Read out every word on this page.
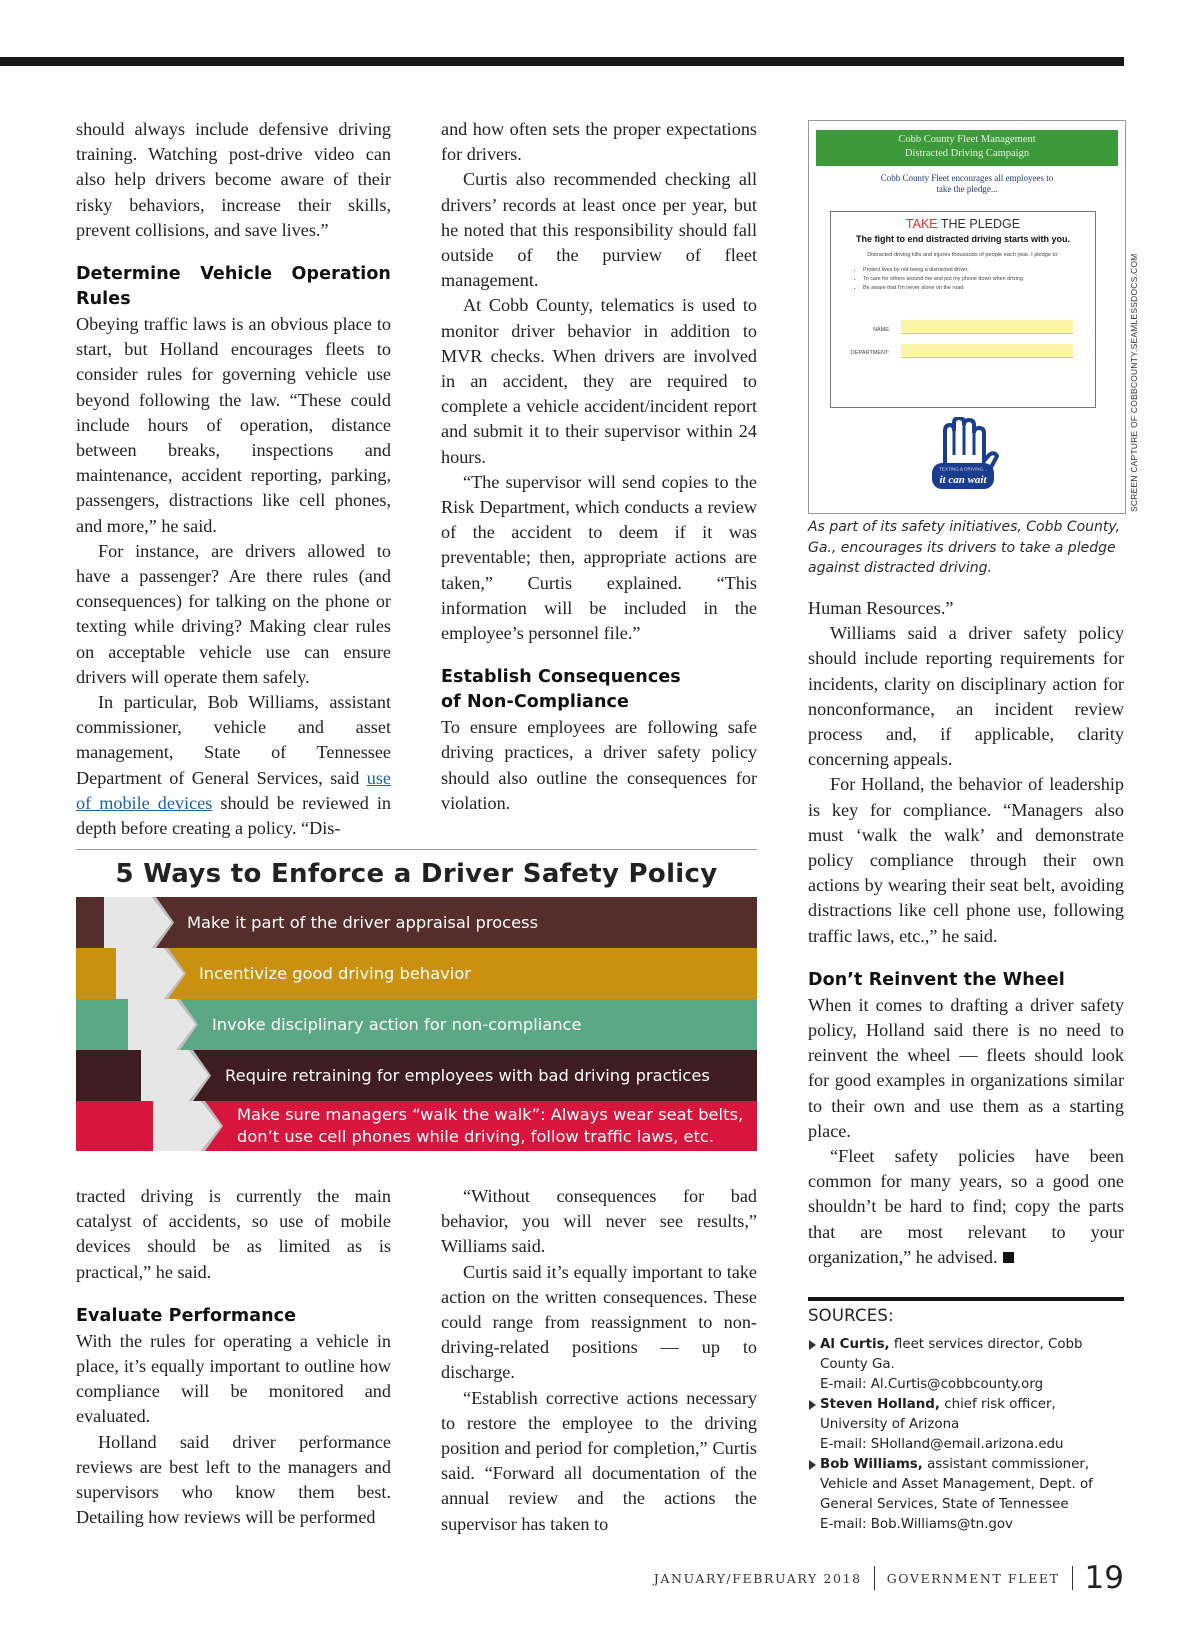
should always include defensive driving training. Watching post-drive video can also help drivers become aware of their risky behaviors, increase their skills, prevent collisions, and save lives.”

Determine Vehicle Operation Rules

Obeying traffic laws is an obvious place to start, but Holland encourages fleets to consider rules for governing vehicle use beyond following the law. “These could include hours of operation, distance between breaks, inspections and maintenance, accident reporting, parking, passengers, distractions like cell phones, and more,” he said.

For instance, are drivers allowed to have a passenger? Are there rules (and consequences) for talking on the phone or texting while driving? Making clear rules on acceptable vehicle use can ensure drivers will operate them safely.

In particular, Bob Williams, assistant commissioner, vehicle and asset management, State of Tennessee Department of General Services, said use of mobile devices should be reviewed in depth before creating a policy. “Dis-

and how often sets the proper expectations for drivers.

Curtis also recommended checking all drivers’ records at least once per year, but he noted that this responsibility should fall outside of the purview of fleet management.

At Cobb County, telematics is used to monitor driver behavior in addition to MVR checks. When drivers are involved in an accident, they are required to complete a vehicle accident/incident report and submit it to their supervisor within 24 hours.

“The supervisor will send copies to the Risk Department, which conducts a review of the accident to deem if it was preventable; then, appropriate actions are taken,” Curtis explained. “This information will be included in the employee’s personnel file.”

Establish Consequences
of Non-Compliance

To ensure employees are following safe driving practices, a driver safety policy should also outline the consequences for violation.

Cobb County Fleet Management
Distracted Driving Campaign
Cobb County Fleet encourages all employees to
take the pledge...
TAKE THE PLEDGE
The fight to end distracted driving starts with you.
Distracted driving kills and injures thousands of people each year. I pledge to:
• Protect lives by not being a distracted driver.
• To care for others around me and put my phone down when driving
• Be aware that I'm never alone on the road
NAME:
DEPARTMENT:
TEXTING & DRIVING...
it can wait	SCREEN CAPTURE OF COBBCOUNTY.SEAMLESSDOCS.COM
As part of its safety initiatives, Cobb County, Ga., encourages its drivers to take a pledge against distracted driving.

Human Resources.”

Williams said a driver safety policy should include reporting requirements for incidents, clarity on disciplinary action for nonconformance, an incident review process and, if applicable, clarity concerning appeals.

For Holland, the behavior of leadership is key for compliance. “Managers also must ‘walk the walk’ and demonstrate policy compliance through their own actions by wearing their seat belt, avoiding distractions like cell phone use, following traffic laws, etc.,” he said.

Don’t Reinvent the Wheel

When it comes to drafting a driver safety policy, Holland said there is no need to reinvent the wheel — fleets should look for good examples in organizations similar to their own and use them as a starting place.

“Fleet safety policies have been common for many years, so a good one shouldn’t be hard to find; copy the parts that are most relevant to your organization,” he advised.

5 Ways to Enforce a Driver Safety Policy
Make it part of the driver appraisal process
Incentivize good driving behavior
Invoke disciplinary action for non-compliance
Require retraining for employees with bad driving practices
Make sure managers “walk the walk”: Always wear seat belts,
don’t use cell phones while driving, follow traffic laws, etc.

tracted driving is currently the main catalyst of accidents, so use of mobile devices should be as limited as is practical,” he said.

Evaluate Performance

With the rules for operating a vehicle in place, it’s equally important to outline how compliance will be monitored and evaluated.

Holland said driver performance reviews are best left to the managers and supervisors who know them best. Detailing how reviews will be performed

“Without consequences for bad behavior, you will never see results,” Williams said.

Curtis said it’s equally important to take action on the written consequences. These could range from reassignment to non-driving-related positions — up to discharge.

“Establish corrective actions necessary to restore the employee to the driving position and period for completion,” Curtis said. “Forward all documentation of the annual review and the actions the supervisor has taken to

SOURCES:
Al Curtis, fleet services director, Cobb County Ga.
E-mail: Al.Curtis@cobbcounty.org
Steven Holland, chief risk officer, University of Arizona
E-mail: SHolland@email.arizona.edu
Bob Williams, assistant commissioner, Vehicle and Asset Management, Dept. of General Services, State of Tennessee
E-mail: Bob.Williams@tn.gov
JANUARY/FEBRUARY 2018 GOVERNMENT FLEET 19
